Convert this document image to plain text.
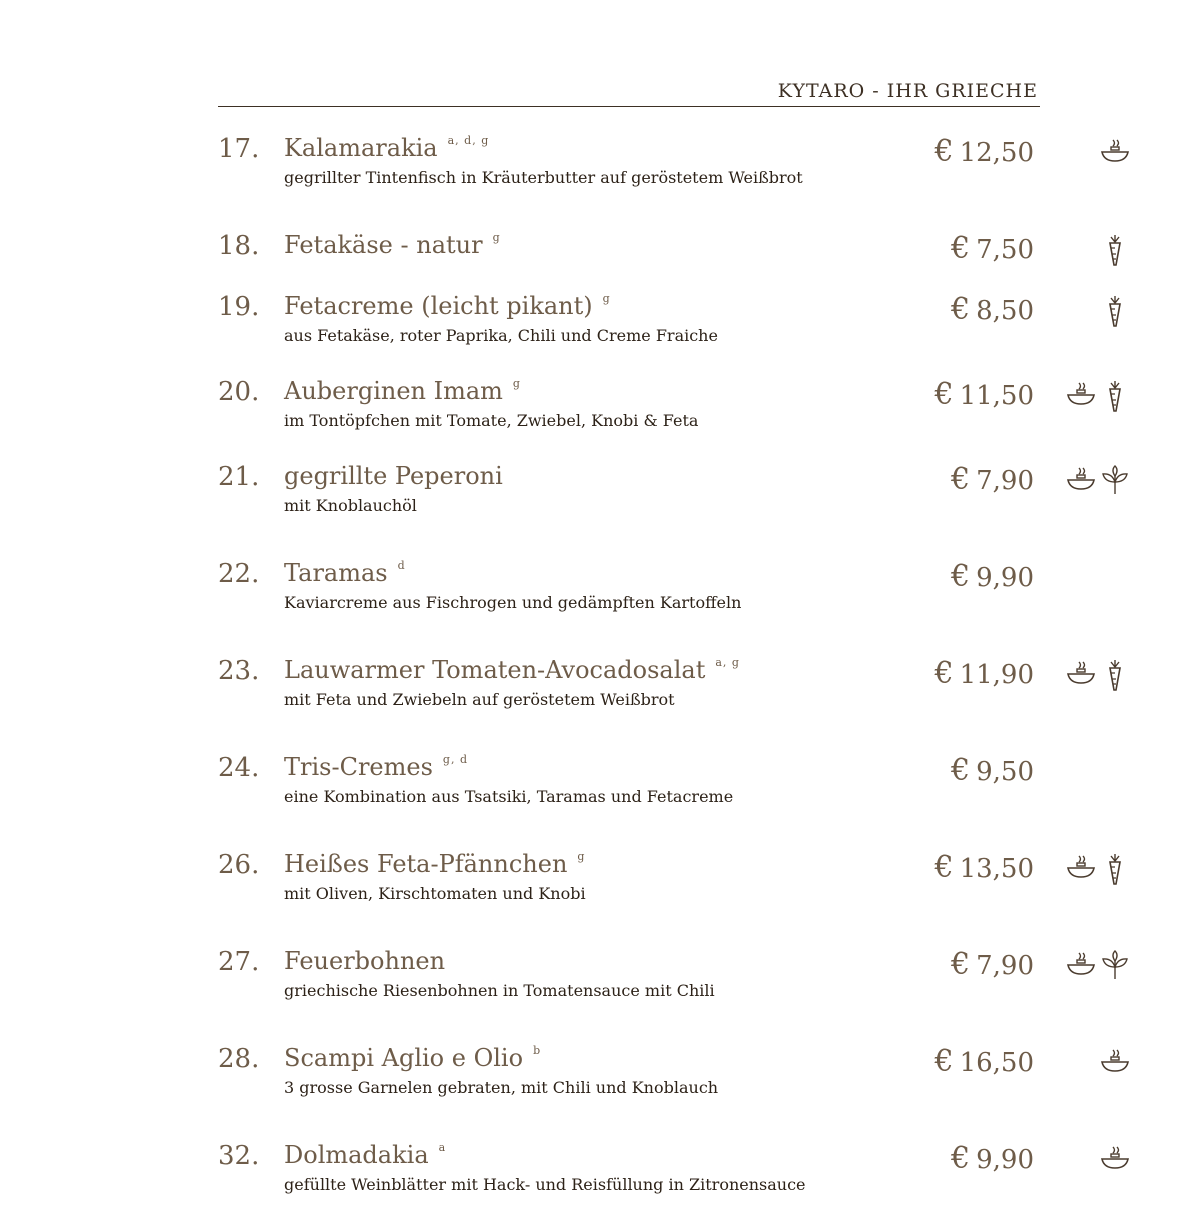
KYTARO - IHR GRIECHE
17. Kalamarakia $^{a, d, g}$
gegrillter Tintenfisch in Kräuterbutter auf geröstetem Weißbrot
€ 12,50
18. Fetakäse - natur $^g$	€ 7,50
19. Fetacreme (leicht pikant) $^g$
aus Fetakäse, roter Paprika, Chili und Creme Fraiche
€ 8,50
20. Auberginen Imam $^g$
im Tontöpfchen mit Tomate, Zwiebel, Knobi & Feta
€ 11,50
21. gegrillte Peperoni
mit Knoblauchöl
€ 7,90
22. Taramas $^d$
Kaviarcreme aus Fischrogen und gedämpften Kartoffeln
€ 9,90
23. Lauwarmer Tomaten-Avocadosalat $^{a, g}$
mit Feta und Zwiebeln auf geröstetem Weißbrot
€ 11,90
24. Tris-Cremes $^{g, d}$
eine Kombination aus Tsatsiki, Taramas und Fetacreme
€ 9,50
26. Heißes Feta-Pfännchen $^g$
mit Oliven, Kirschtomaten und Knobi
€ 13,50
27. Feuerbohnen
griechische Riesenbohnen in Tomatensauce mit Chili
€ 7,90
28. Scampi Aglio e Olio $^b$
3 grosse Garnelen gebraten, mit Chili und Knoblauch
€ 16,50
32. Dolmadakia $^a$
gefüllte Weinblätter mit Hack- und Reisfüllung in Zitronensauce
€ 9,90
